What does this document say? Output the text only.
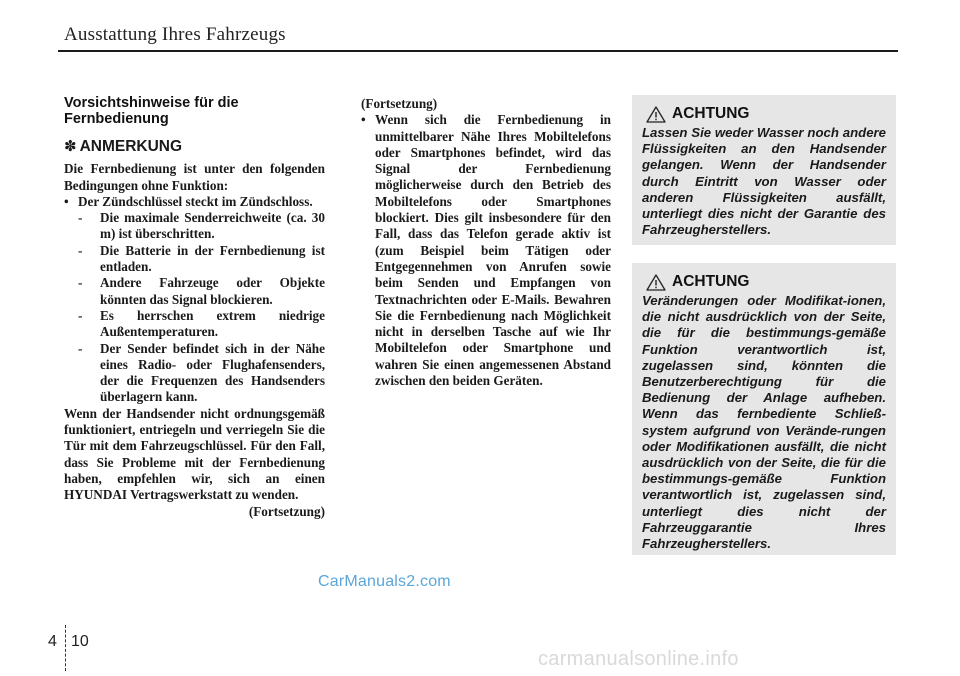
Ausstattung Ihres Fahrzeugs
Vorsichtshinweise für die Fernbedienung
✽ ANMERKUNG

Die Fernbedienung ist unter den folgenden Bedingungen ohne Funktion:

• Der Zündschlüssel steckt im Zündschloss.
-	Die maximale Senderreichweite (ca. 30 m) ist überschritten.
-	Die Batterie in der Fernbedienung ist entladen.
-	Andere Fahrzeuge oder Objekte könnten das Signal blockieren.
-	Es herrschen extrem niedrige Außentemperaturen.
-	Der Sender befindet sich in der Nähe eines Radio- oder Flughafensenders, der die Frequenzen des Handsenders überlagern kann.

Wenn der Handsender nicht ordnungsgemäß funktioniert, entriegeln und verriegeln Sie die Tür mit dem Fahrzeugschlüssel. Für den Fall, dass Sie Probleme mit der Fernbedienung haben, empfehlen wir, sich an einen HYUNDAI Vertragswerkstatt zu wenden.

(Fortsetzung)
(Fortsetzung)
• Wenn sich die Fernbedienung in unmittelbarer Nähe Ihres Mobiltelefons oder Smartphones befindet, wird das Signal der Fernbedienung möglicherweise durch den Betrieb des Mobiltelefons oder Smartphones blockiert. Dies gilt insbesondere für den Fall, dass das Telefon gerade aktiv ist (zum Beispiel beim Tätigen oder Entgegennehmen von Anrufen sowie beim Senden und Empfangen von Textnachrichten oder E-Mails. Bewahren Sie die Fernbedienung nach Möglichkeit nicht in derselben Tasche auf wie Ihr Mobiltelefon oder Smartphone und wahren Sie einen angemessenen Abstand zwischen den beiden Geräten.
ACHTUNG
Lassen Sie weder Wasser noch andere Flüssigkeiten an den Handsender gelangen. Wenn der Handsender durch Eintritt von Wasser oder anderen Flüssigkeiten ausfällt, unterliegt dies nicht der Garantie des Fahrzeugherstellers.
ACHTUNG
Veränderungen oder Modifikat-ionen, die nicht ausdrücklich von der Seite, die für die bestimmungs-gemäße Funktion verantwortlich ist, zugelassen sind, könnten die Benutzerberechtigung für die Bedienung der Anlage aufheben. Wenn das fernbediente Schließ-system aufgrund von Verände-rungen oder Modifikationen ausfällt, die nicht ausdrücklich von der Seite, die für die bestimmungs-gemäße Funktion verantwortlich ist, zugelassen sind, unterliegt dies nicht der Fahrzeuggarantie Ihres Fahrzeugherstellers.
CarManuals2.com
4 10
carmanualsonline.info
